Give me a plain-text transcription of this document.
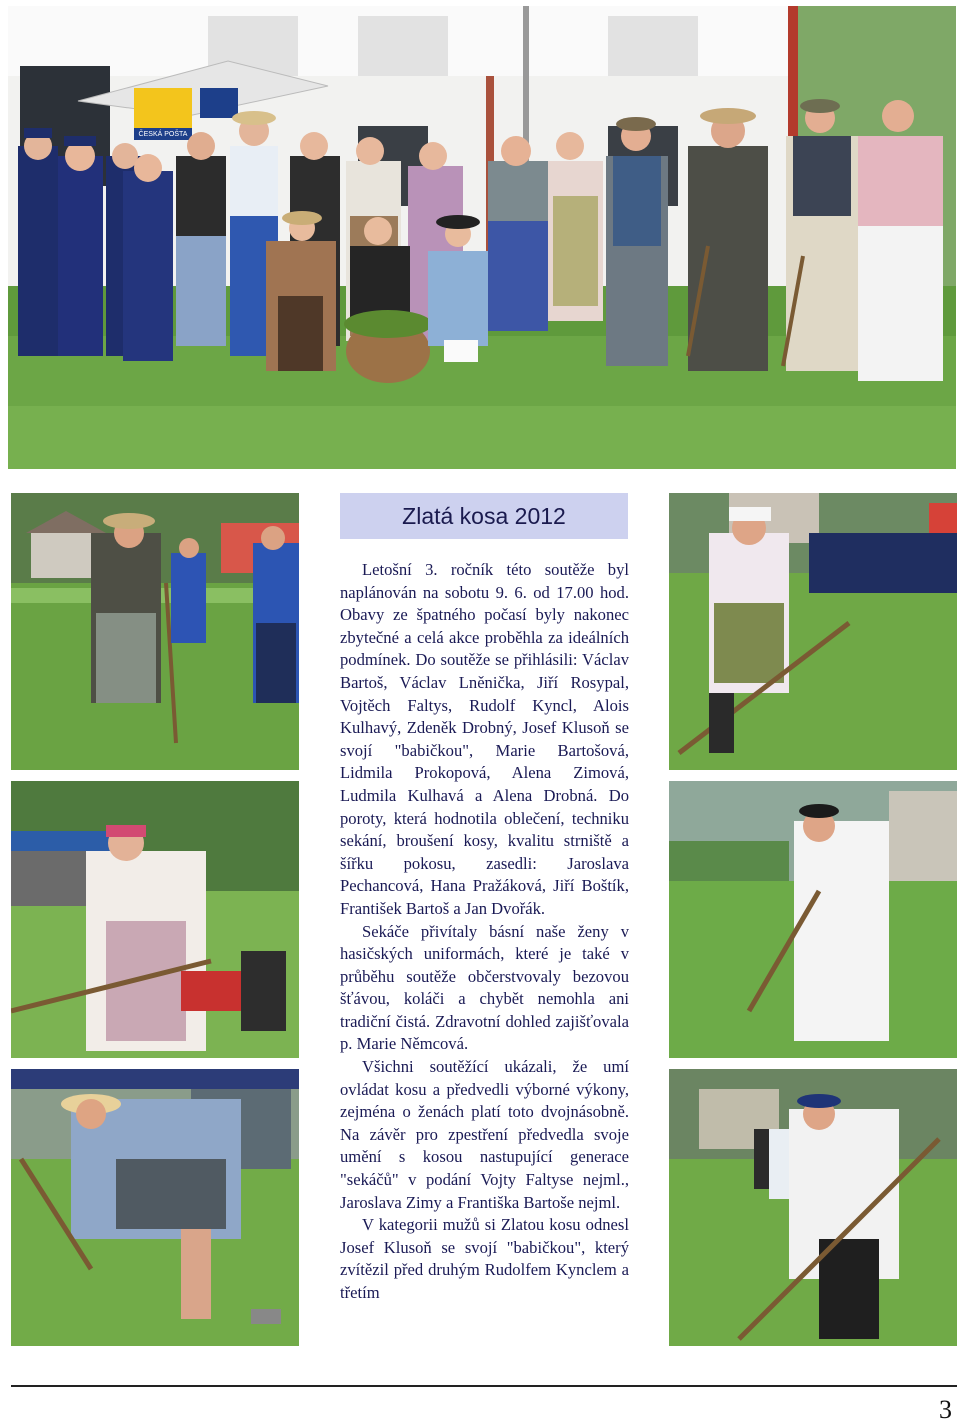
ČESKÁ POŠTA
Zlatá kosa 2012

Letošní 3. ročník této soutěže byl naplánován na sobotu 9. 6. od 17.00 hod. Obavy ze špatného počasí byly nakonec zbytečné a celá akce proběhla za ideálních podmínek. Do soutěže se přihlásili: Václav Bartoš, Václav Lněnička, Jiří Rosypal, Vojtěch Faltys, Rudolf Kyncl, Alois Kulhavý, Zdeněk Drobný, Josef Klusoň se svojí "babičkou", Marie Bartošová, Lidmila Prokopová, Alena Zimová, Ludmila Kulhavá a Alena Drobná. Do poroty, která hodnotila oblečení, techniku sekání, broušení kosy, kvalitu strniště a šířku pokosu, zasedli: Jaroslava Pechancová, Hana Pražáková, Jiří Boštík, František Bartoš a Jan Dvořák.

Sekáče přivítaly básní naše ženy v hasičských uniformách, které je také v průběhu soutěže občerstvovaly bezovou šťávou, koláči a chybět nemohla ani tradiční čistá. Zdravotní dohled zajišťovala p. Marie Němcová.

Všichni soutěžící ukázali, že umí ovládat kosu a předvedli výborné výkony, zejména o ženách platí toto dvojnásobně. Na závěr pro zpestření předvedla svoje umění s kosou nastupující generace "sekáčů" v podání Vojty Faltyse nejml., Jaroslava Zimy a Františka Bartoše nejml.

V kategorii mužů si Zlatou kosu odnesl Josef Klusoň se svojí "babičkou", který zvítězil před druhým Rudolfem Kynclem a třetím

3
